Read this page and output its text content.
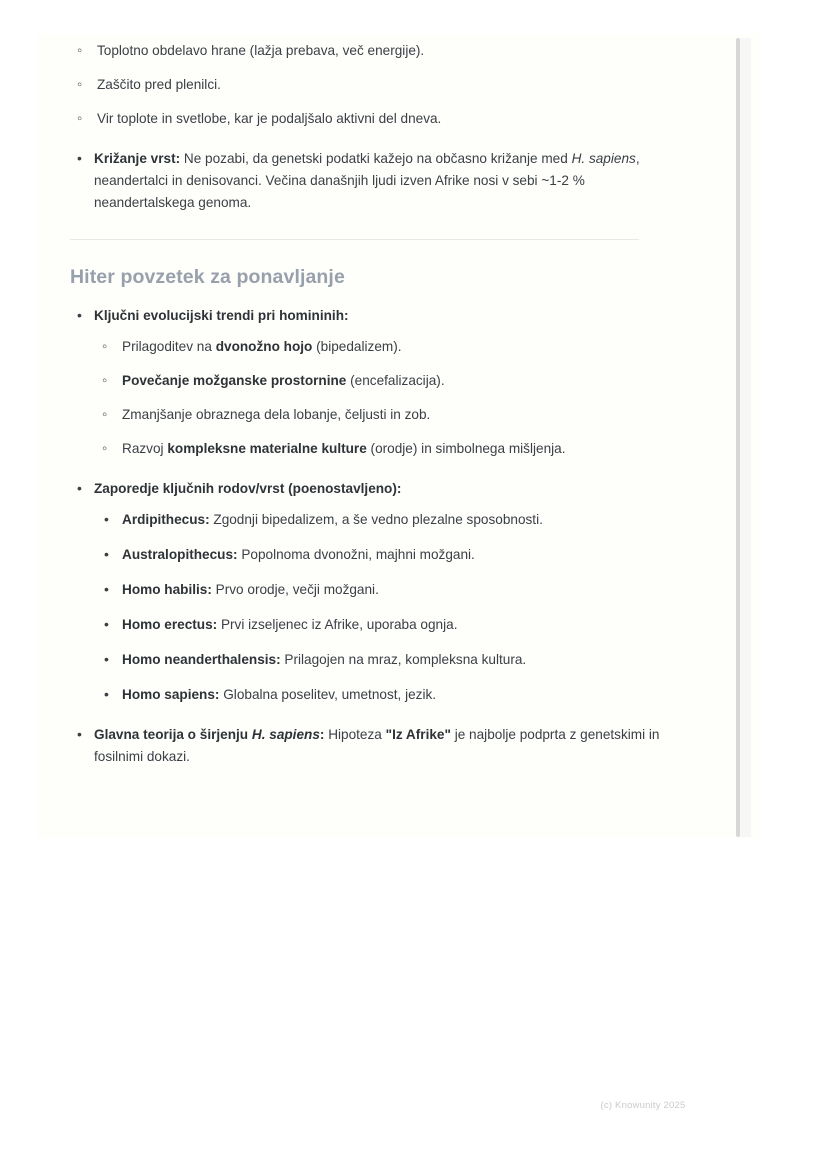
◦ Toplotno obdelavo hrane (lažja prebava, več energije).
◦ Zaščito pred plenilci.
◦ Vir toplote in svetlobe, kar je podaljšalo aktivni del dneva.
• Križanje vrst: Ne pozabi, da genetski podatki kažejo na občasno križanje med H. sapiens, neandertalci in denisovanci. Večina današnjih ljudi izven Afrike nosi v sebi ~1-2 % neandertalskega genoma.
Hiter povzetek za ponavljanje
• Ključni evolucijski trendi pri homininih:
◦ Prilagoditev na dvonožno hojo (bipedalizem).
◦ Povečanje možganske prostornine (encefalizacija).
◦ Zmanjšanje obraznega dela lobanje, čeljusti in zob.
◦ Razvoj kompleksne materialne kulture (orodje) in simbolnega mišljenja.
• Zaporedje ključnih rodov/vrst (poenostavljeno):
• Ardipithecus: Zgodnji bipedalizem, a še vedno plezalne sposobnosti.
• Australopithecus: Popolnoma dvonožni, majhni možgani.
• Homo habilis: Prvo orodje, večji možgani.
• Homo erectus: Prvi izseljenec iz Afrike, uporaba ognja.
• Homo neanderthalensis: Prilagojen na mraz, kompleksna kultura.
• Homo sapiens: Globalna poselitev, umetnost, jezik.
• Glavna teorija o širjenju H. sapiens: Hipoteza "Iz Afrike" je najbolje podprta z genetskimi in fosilnimi dokazi.
(c) Knowunity 2025
